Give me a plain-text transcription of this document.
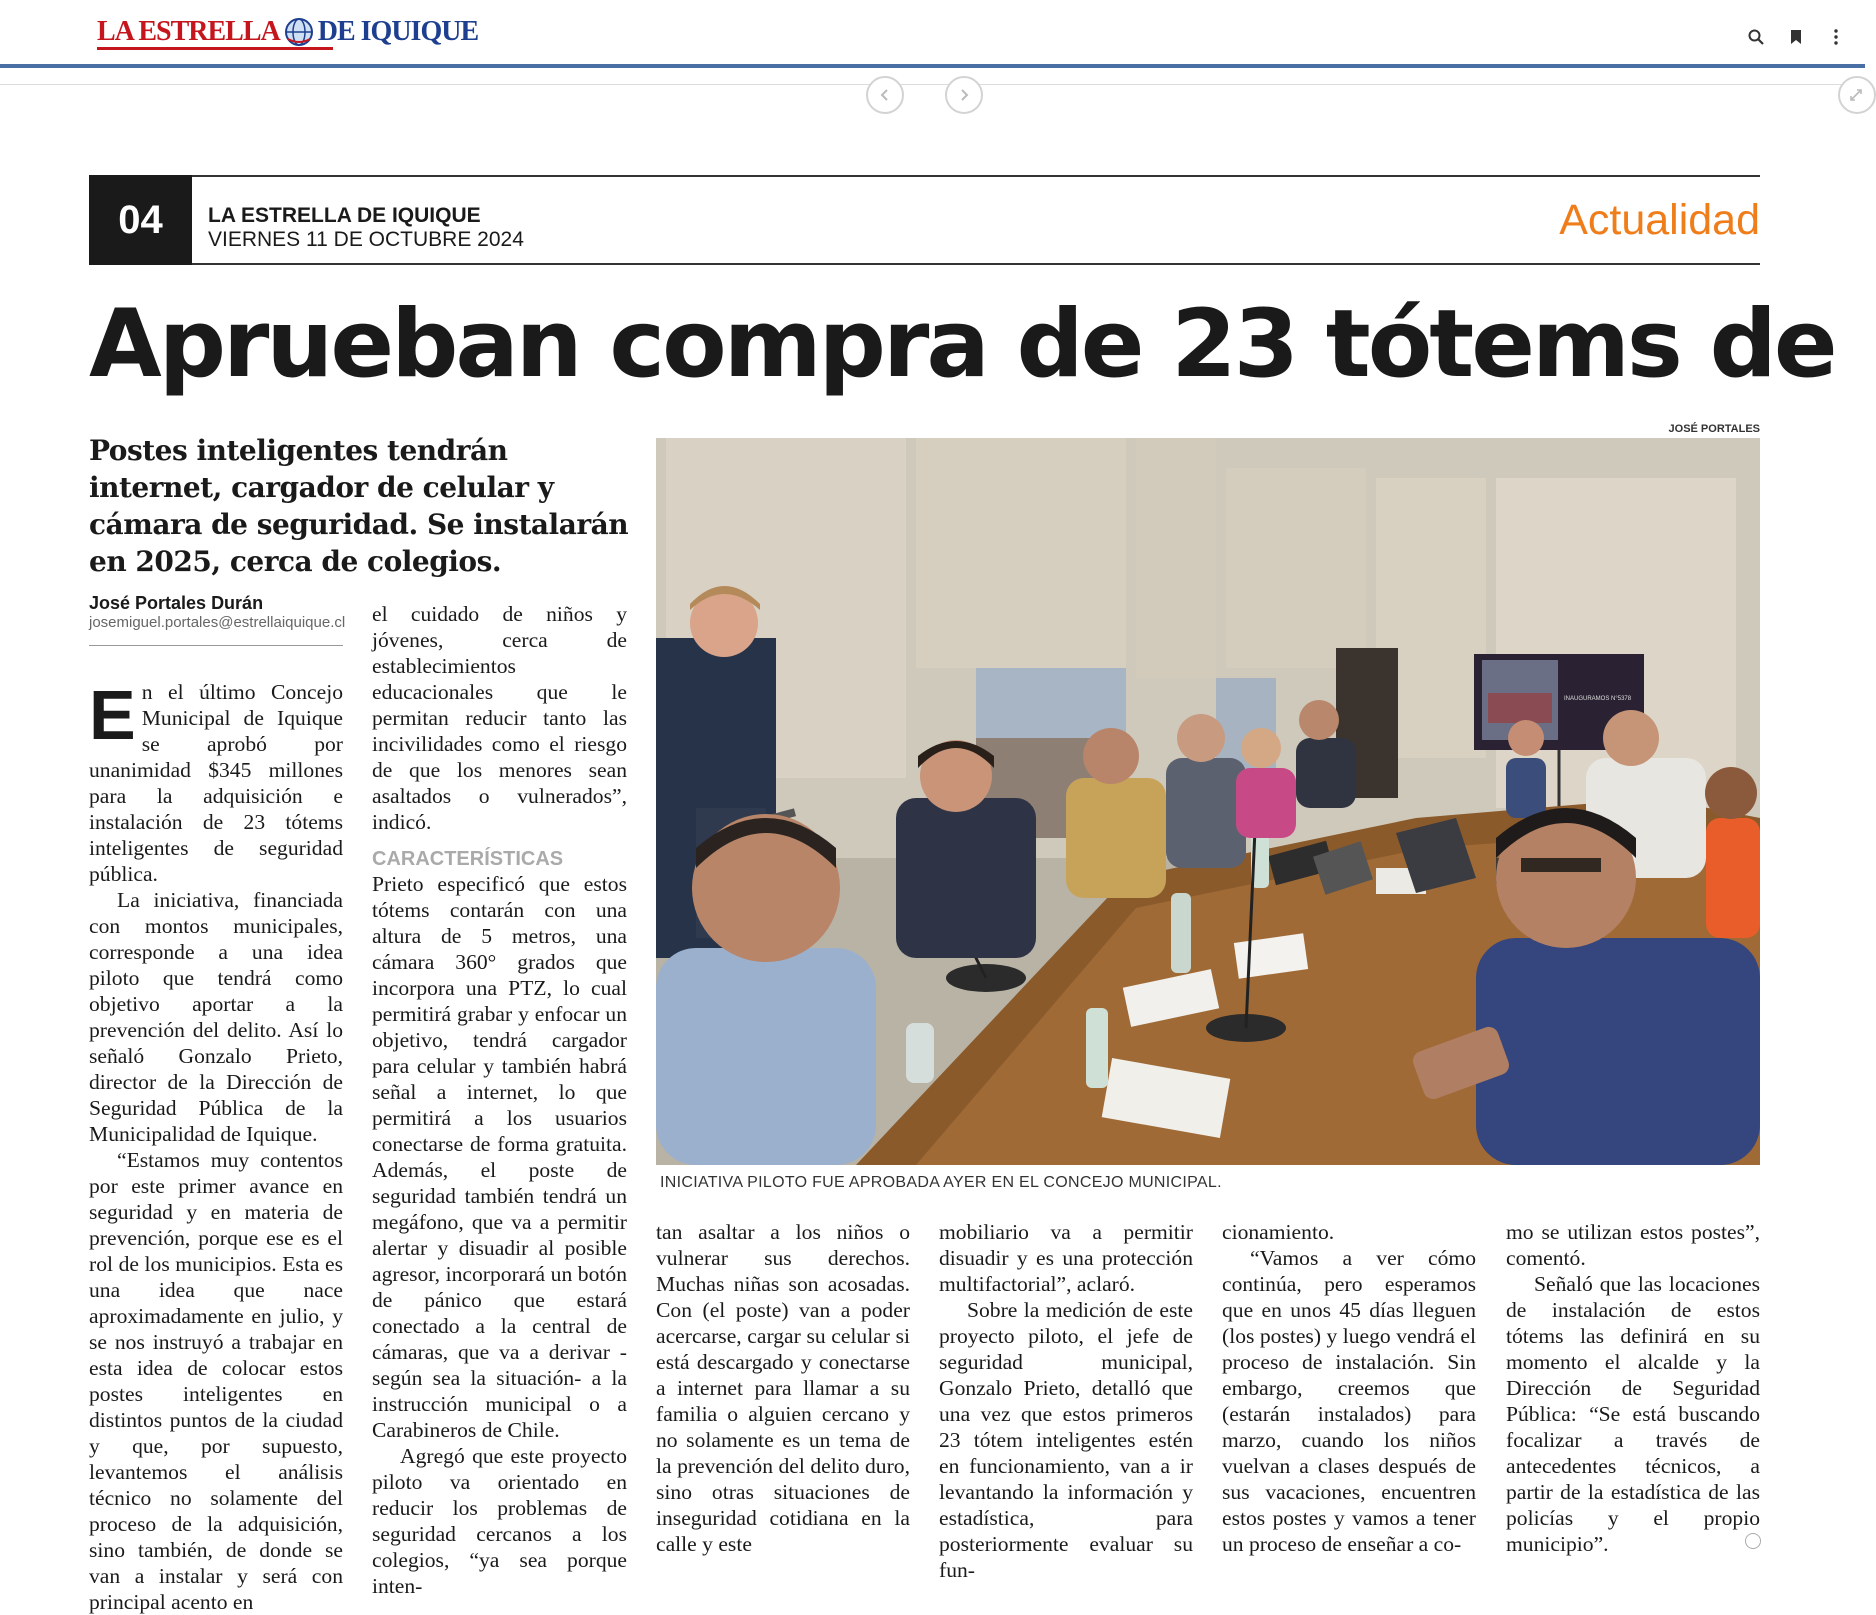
LA ESTRELLA DE IQUIQUE
04	LA ESTRELLA DE IQUIQUE
VIERNES 11 DE OCTUBRE 2024	Actualidad
Aprueban compra de 23 tótems de
JOSÉ PORTALES
Postes inteligentes tendrán internet, cargador de celular y cámara de seguridad. Se instalarán en 2025, cerca de colegios.
José Portales Durán
josemiguel.portales@estrellaiquique.cl

En el último Concejo Municipal de Iquique se aprobó por unanimidad $345 millones para la adquisición e instalación de 23 tótems inteligentes de seguridad pública.

La iniciativa, financiada con montos municipales, corresponde a una idea piloto que tendrá como objetivo aportar a la prevención del delito. Así lo señaló Gonzalo Prieto, director de la Dirección de Seguridad Pública de la Municipalidad de Iquique.

“Estamos muy contentos por este primer avance en seguridad y en materia de prevención, porque ese es el rol de los municipios. Esta es una idea que nace aproximadamente en julio, y se nos instruyó a trabajar en esta idea de colocar estos postes inteligentes en distintos puntos de la ciudad y que, por supuesto, levantemos el análisis técnico no solamente del proceso de la adquisición, sino también, de donde se van a instalar y será con principal acento en

el cuidado de niños y jóvenes, cerca de establecimientos educacionales que le permitan reducir tanto las incivilidades como el riesgo de que los menores sean asaltados o vulnerados”, indicó.

CARACTERÍSTICAS

Prieto especificó que estos tótems contarán con una altura de 5 metros, una cámara 360° grados que incorpora una PTZ, lo cual permitirá grabar y enfocar un objetivo, tendrá cargador para celular y también habrá señal a internet, lo que permitirá a los usuarios conectarse de forma gratuita. Además, el poste de seguridad también tendrá un megáfono, que va a permitir alertar y disuadir al posible agresor, incorporará un botón de pánico que estará conectado a la central de cámaras, que va a derivar -según sea la situación- a la instrucción municipal o a Carabineros de Chile.

Agregó que este proyecto piloto va orientado en reducir los problemas de seguridad cercanos a los colegios, “ya sea porque inten-

INAUGURAMOS N°5378
INICIATIVA PILOTO FUE APROBADA AYER EN EL CONCEJO MUNICIPAL.

tan asaltar a los niños o vulnerar sus derechos. Muchas niñas son acosadas. Con (el poste) van a poder acercarse, cargar su celular si está descargado y conectarse a internet para llamar a su familia o alguien cercano y no solamente es un tema de la prevención del delito duro, sino otras situaciones de inseguridad cotidiana en la calle y este

mobiliario va a permitir disuadir y es una protección multifactorial”, aclaró.

Sobre la medición de este proyecto piloto, el jefe de seguridad municipal, Gonzalo Prieto, detalló que una vez que estos primeros 23 tótem inteligentes estén en funcionamiento, van a ir levantando la información y estadística, para posteriormente evaluar su fun-

cionamiento.

“Vamos a ver cómo continúa, pero esperamos que en unos 45 días lleguen (los postes) y luego vendrá el proceso de instalación. Sin embargo, creemos que (estarán instalados) para marzo, cuando los niños vuelvan a clases después de sus vacaciones, encuentren estos postes y vamos a tener un proceso de enseñar a co-

mo se utilizan estos postes”, comentó.

Señaló que las locaciones de instalación de estos tótems las definirá en su momento el alcalde y la Dirección de Seguridad Pública: “Se está buscando focalizar a través de antecedentes técnicos, a partir de la estadística de las policías y el propio municipio”.
